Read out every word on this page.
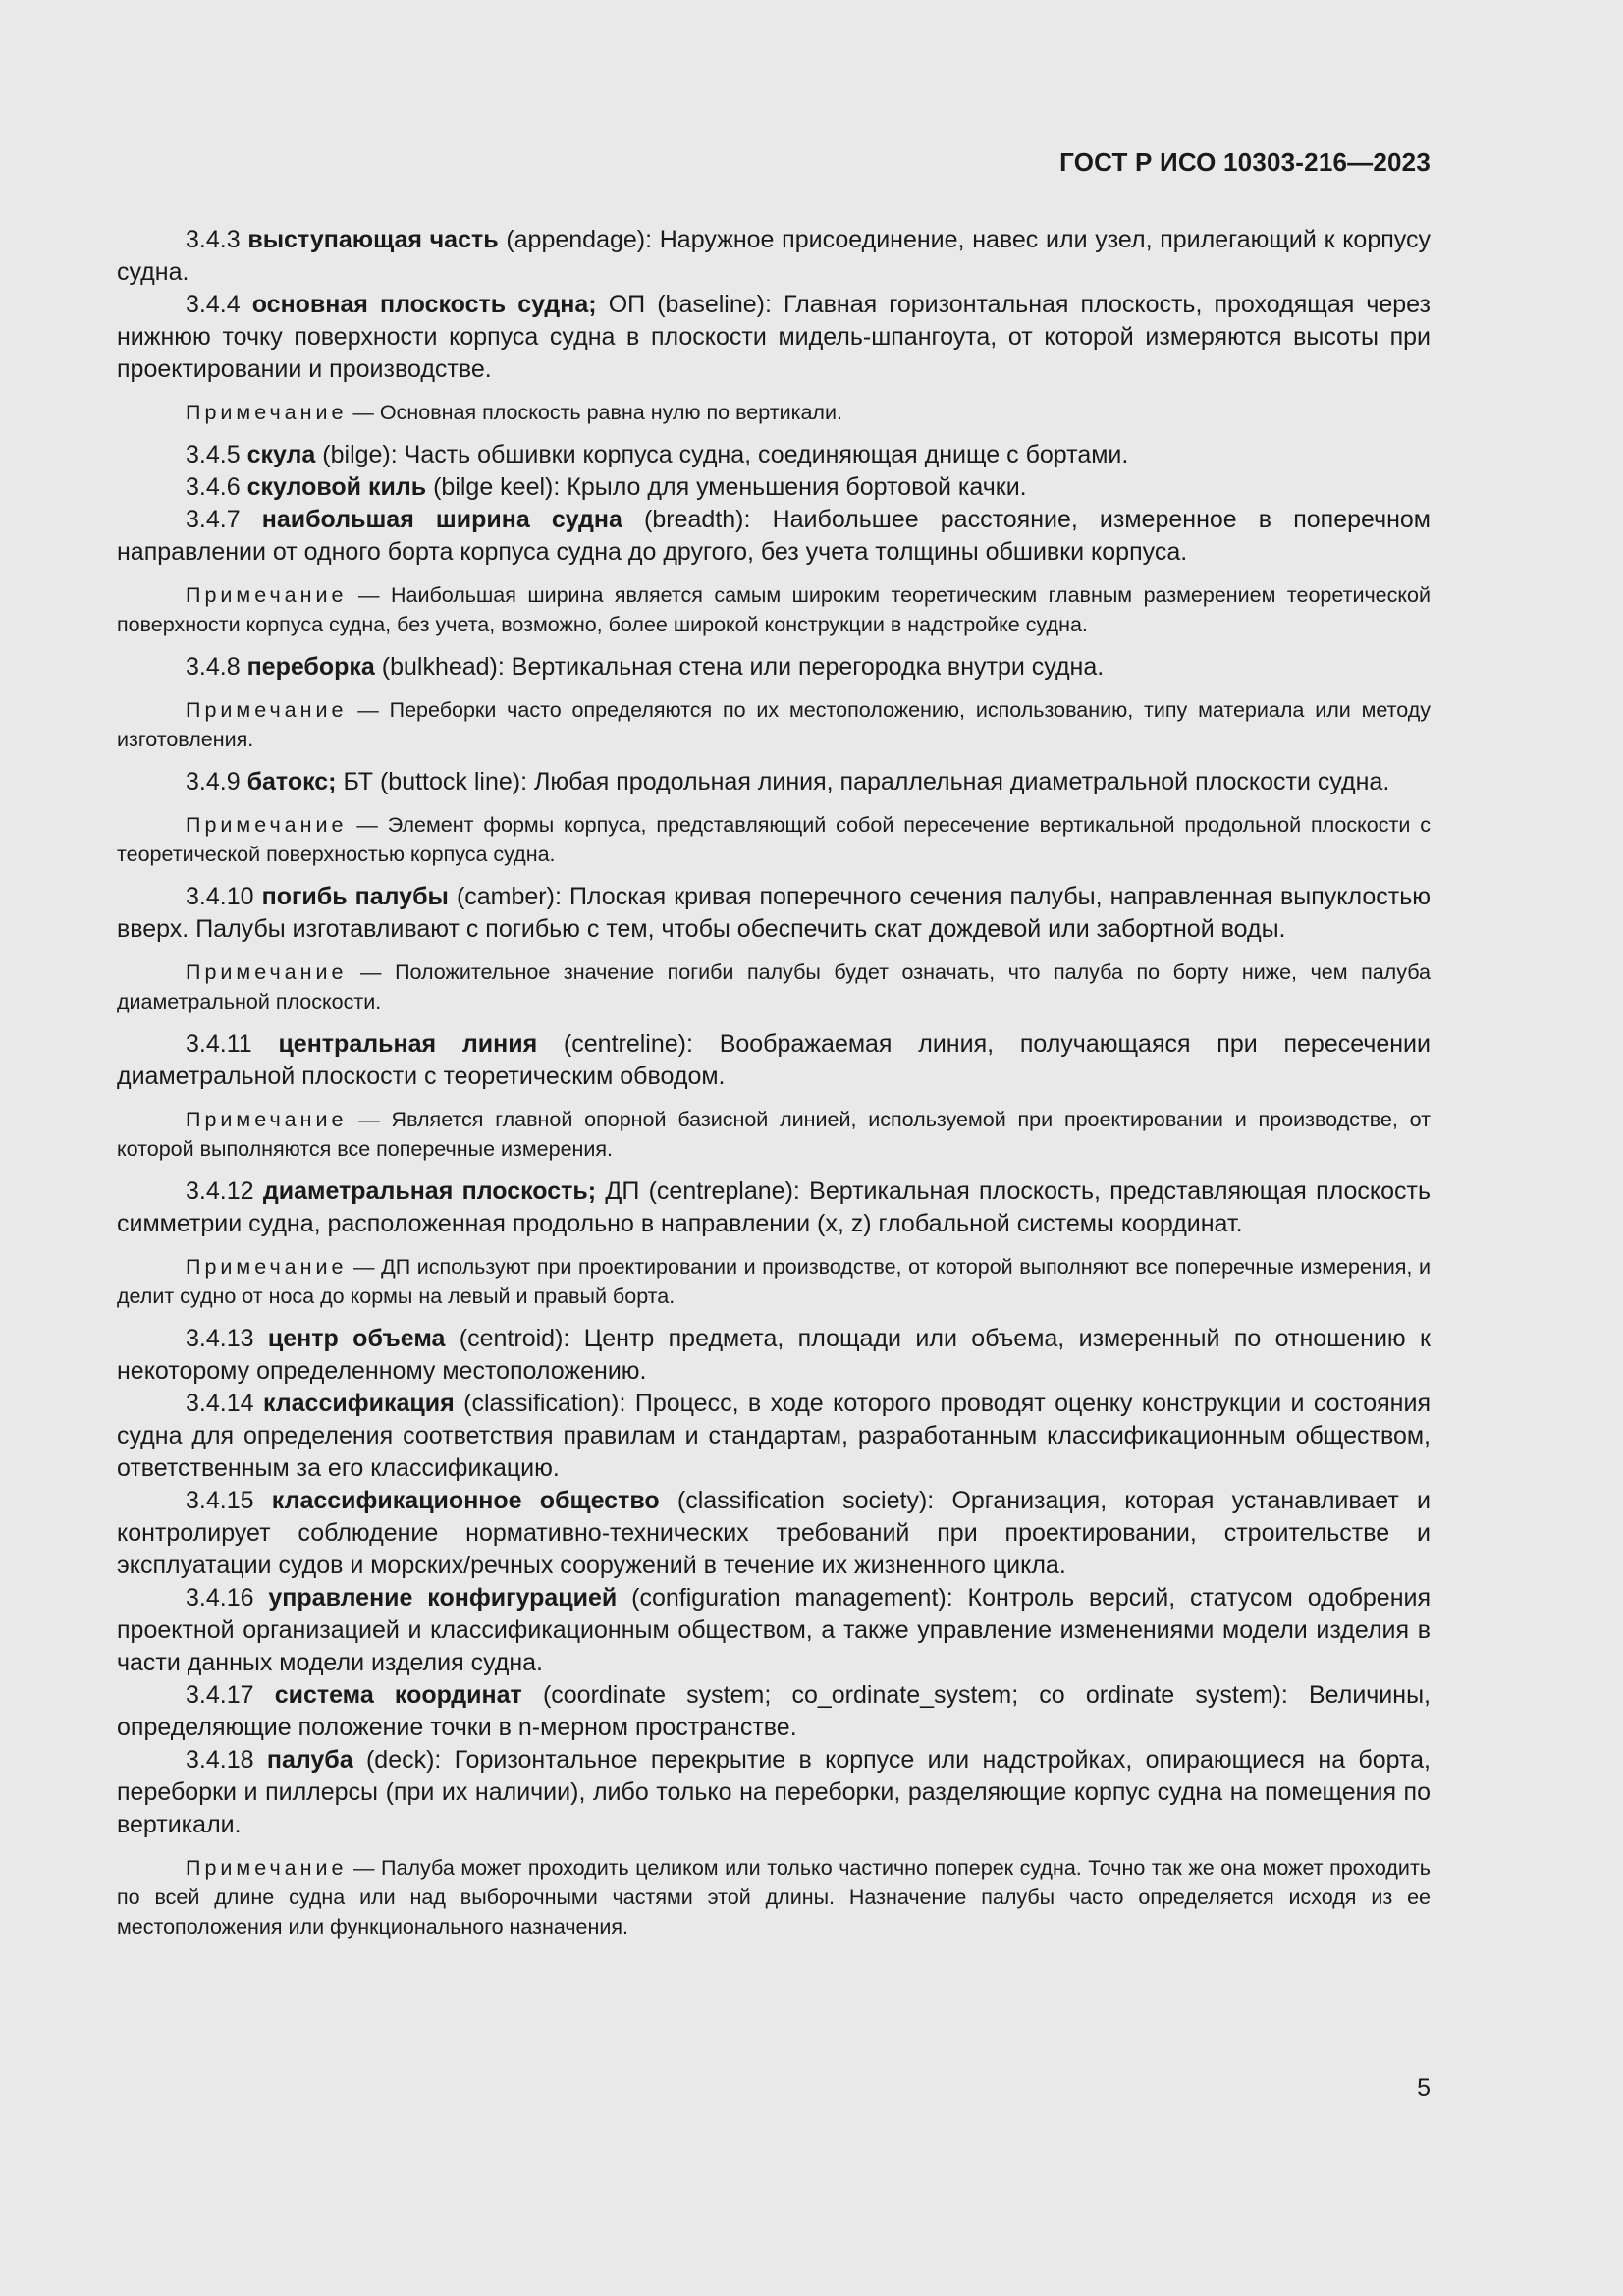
ГОСТ Р ИСО 10303-216—2023

3.4.3 выступающая часть (appendage): Наружное присоединение, навес или узел, прилегающий к корпусу судна.

3.4.4 основная плоскость судна; ОП (baseline): Главная горизонтальная плоскость, проходящая через нижнюю точку поверхности корпуса судна в плоскости мидель-шпангоута, от которой измеряются высоты при проектировании и производстве.

Примечание — Основная плоскость равна нулю по вертикали.

3.4.5 скула (bilge): Часть обшивки корпуса судна, соединяющая днище с бортами.

3.4.6 скуловой киль (bilge keel): Крыло для уменьшения бортовой качки.

3.4.7 наибольшая ширина судна (breadth): Наибольшее расстояние, измеренное в поперечном направлении от одного борта корпуса судна до другого, без учета толщины обшивки корпуса.

Примечание — Наибольшая ширина является самым широким теоретическим главным размерением теоретической поверхности корпуса судна, без учета, возможно, более широкой конструкции в надстройке судна.

3.4.8 переборка (bulkhead): Вертикальная стена или перегородка внутри судна.

Примечание — Переборки часто определяются по их местоположению, использованию, типу материала или методу изготовления.

3.4.9 батокс; БТ (buttock line): Любая продольная линия, параллельная диаметральной плоскости судна.

Примечание — Элемент формы корпуса, представляющий собой пересечение вертикальной продольной плоскости с теоретической поверхностью корпуса судна.

3.4.10 погибь палубы (camber): Плоская кривая поперечного сечения палубы, направленная выпуклостью вверх. Палубы изготавливают с погибью с тем, чтобы обеспечить скат дождевой или забортной воды.

Примечание — Положительное значение погиби палубы будет означать, что палуба по борту ниже, чем палуба диаметральной плоскости.

3.4.11 центральная линия (centreline): Воображаемая линия, получающаяся при пересечении диаметральной плоскости с теоретическим обводом.

Примечание — Является главной опорной базисной линией, используемой при проектировании и производстве, от которой выполняются все поперечные измерения.

3.4.12 диаметральная плоскость; ДП (centreplane): Вертикальная плоскость, представляющая плоскость симметрии судна, расположенная продольно в направлении (x, z) глобальной системы координат.

Примечание — ДП используют при проектировании и производстве, от которой выполняют все поперечные измерения, и делит судно от носа до кормы на левый и правый борта.

3.4.13 центр объема (centroid): Центр предмета, площади или объема, измеренный по отношению к некоторому определенному местоположению.

3.4.14 классификация (classification): Процесс, в ходе которого проводят оценку конструкции и состояния судна для определения соответствия правилам и стандартам, разработанным классификационным обществом, ответственным за его классификацию.

3.4.15 классификационное общество (classification society): Организация, которая устанавливает и контролирует соблюдение нормативно-технических требований при проектировании, строительстве и эксплуатации судов и морских/речных сооружений в течение их жизненного цикла.

3.4.16 управление конфигурацией (configuration management): Контроль версий, статусом одобрения проектной организацией и классификационным обществом, а также управление изменениями модели изделия в части данных модели изделия судна.

3.4.17 система координат (coordinate system; co_ordinate_system; co ordinate system): Величины, определяющие положение точки в n-мерном пространстве.

3.4.18 палуба (deck): Горизонтальное перекрытие в корпусе или надстройках, опирающиеся на борта, переборки и пиллерсы (при их наличии), либо только на переборки, разделяющие корпус судна на помещения по вертикали.

Примечание — Палуба может проходить целиком или только частично поперек судна. Точно так же она может проходить по всей длине судна или над выборочными частями этой длины. Назначение палубы часто определяется исходя из ее местоположения или функционального назначения.

5
